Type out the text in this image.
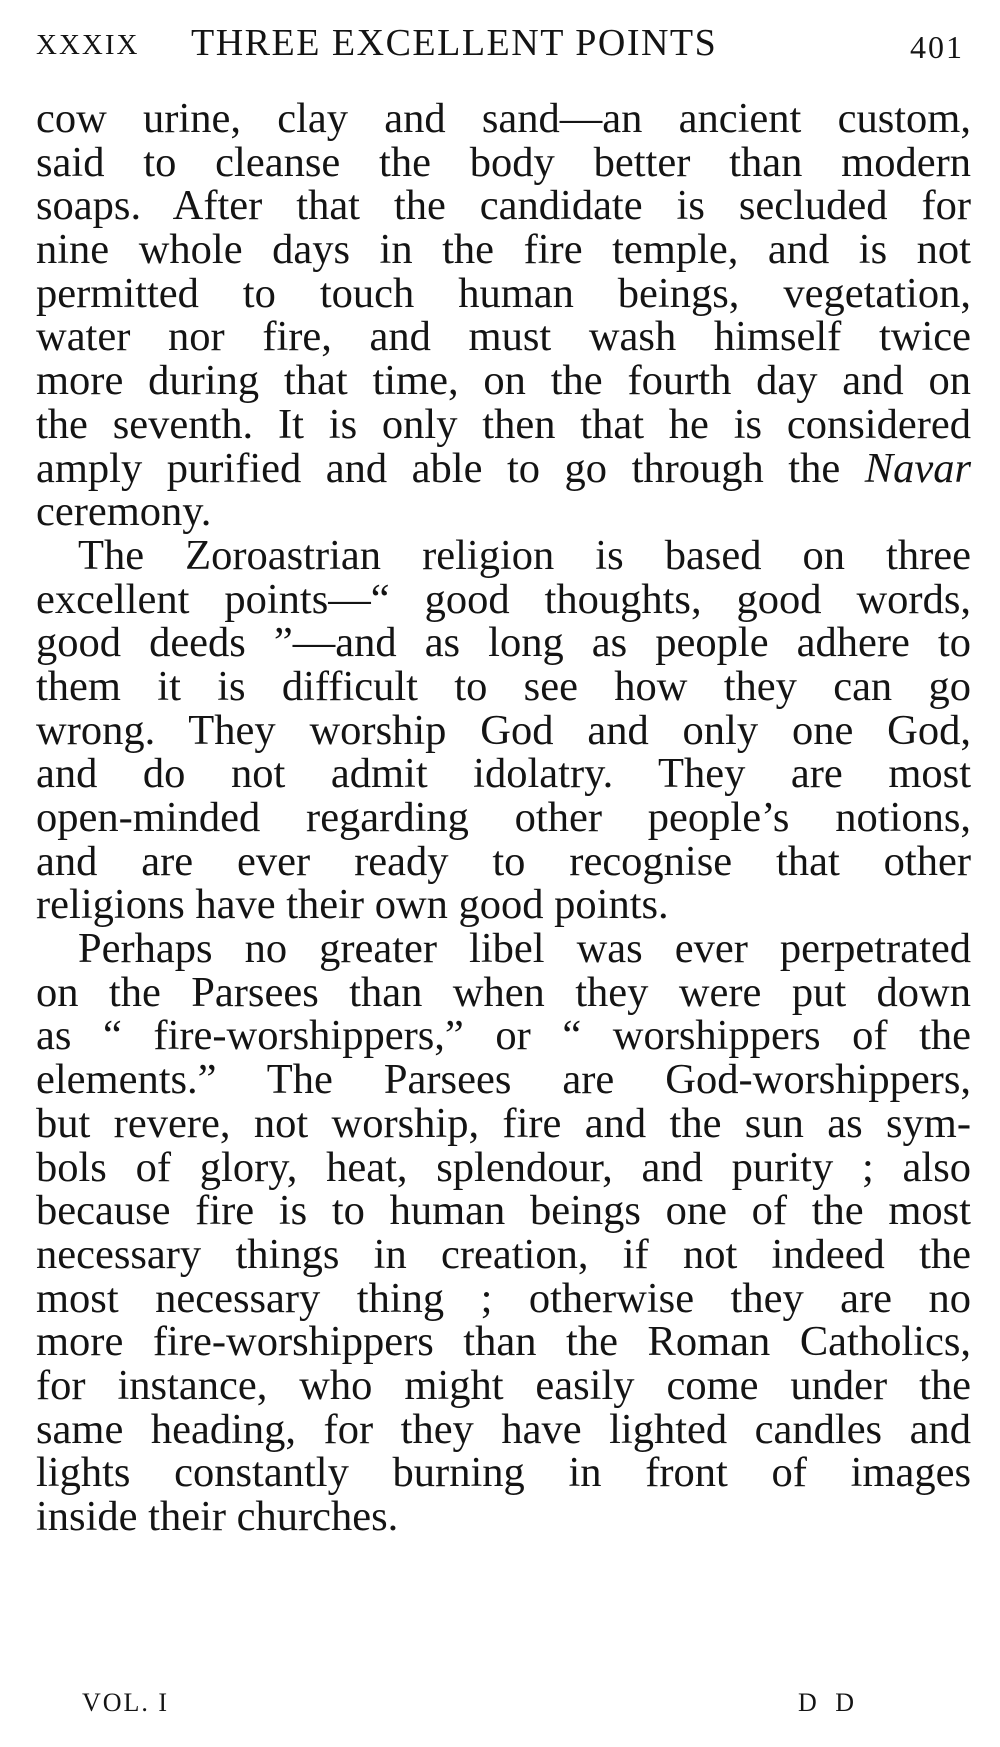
XXXIX THREE EXCELLENT POINTS	401
cow urine, clay and sand—an ancient custom,
said to cleanse the body better than modern
soaps. After that the candidate is secluded for
nine whole days in the fire temple, and is not
permitted to touch human beings, vegetation,
water nor fire, and must wash himself twice
more during that time, on the fourth day and on
the seventh. It is only then that he is considered
amply purified and able to go through the Navar
ceremony.
The Zoroastrian religion is based on three
excellent points—“ good thoughts, good words,
good deeds ”—and as long as people adhere to
them it is difficult to see how they can go
wrong. They worship God and only one God,
and do not admit idolatry. They are most
open-minded regarding other people’s notions,
and are ever ready to recognise that other
religions have their own good points.
Perhaps no greater libel was ever perpetrated
on the Parsees than when they were put down
as “ fire-worshippers,” or “ worshippers of the
elements.” The Parsees are God-worshippers,
but revere, not worship, fire and the sun as sym-
bols of glory, heat, splendour, and purity ; also
because fire is to human beings one of the most
necessary things in creation, if not indeed the
most necessary thing ; otherwise they are no
more fire-worshippers than the Roman Catholics,
for instance, who might easily come under the
same heading, for they have lighted candles and
lights constantly burning in front of images
inside their churches.
VOL. I	D D
